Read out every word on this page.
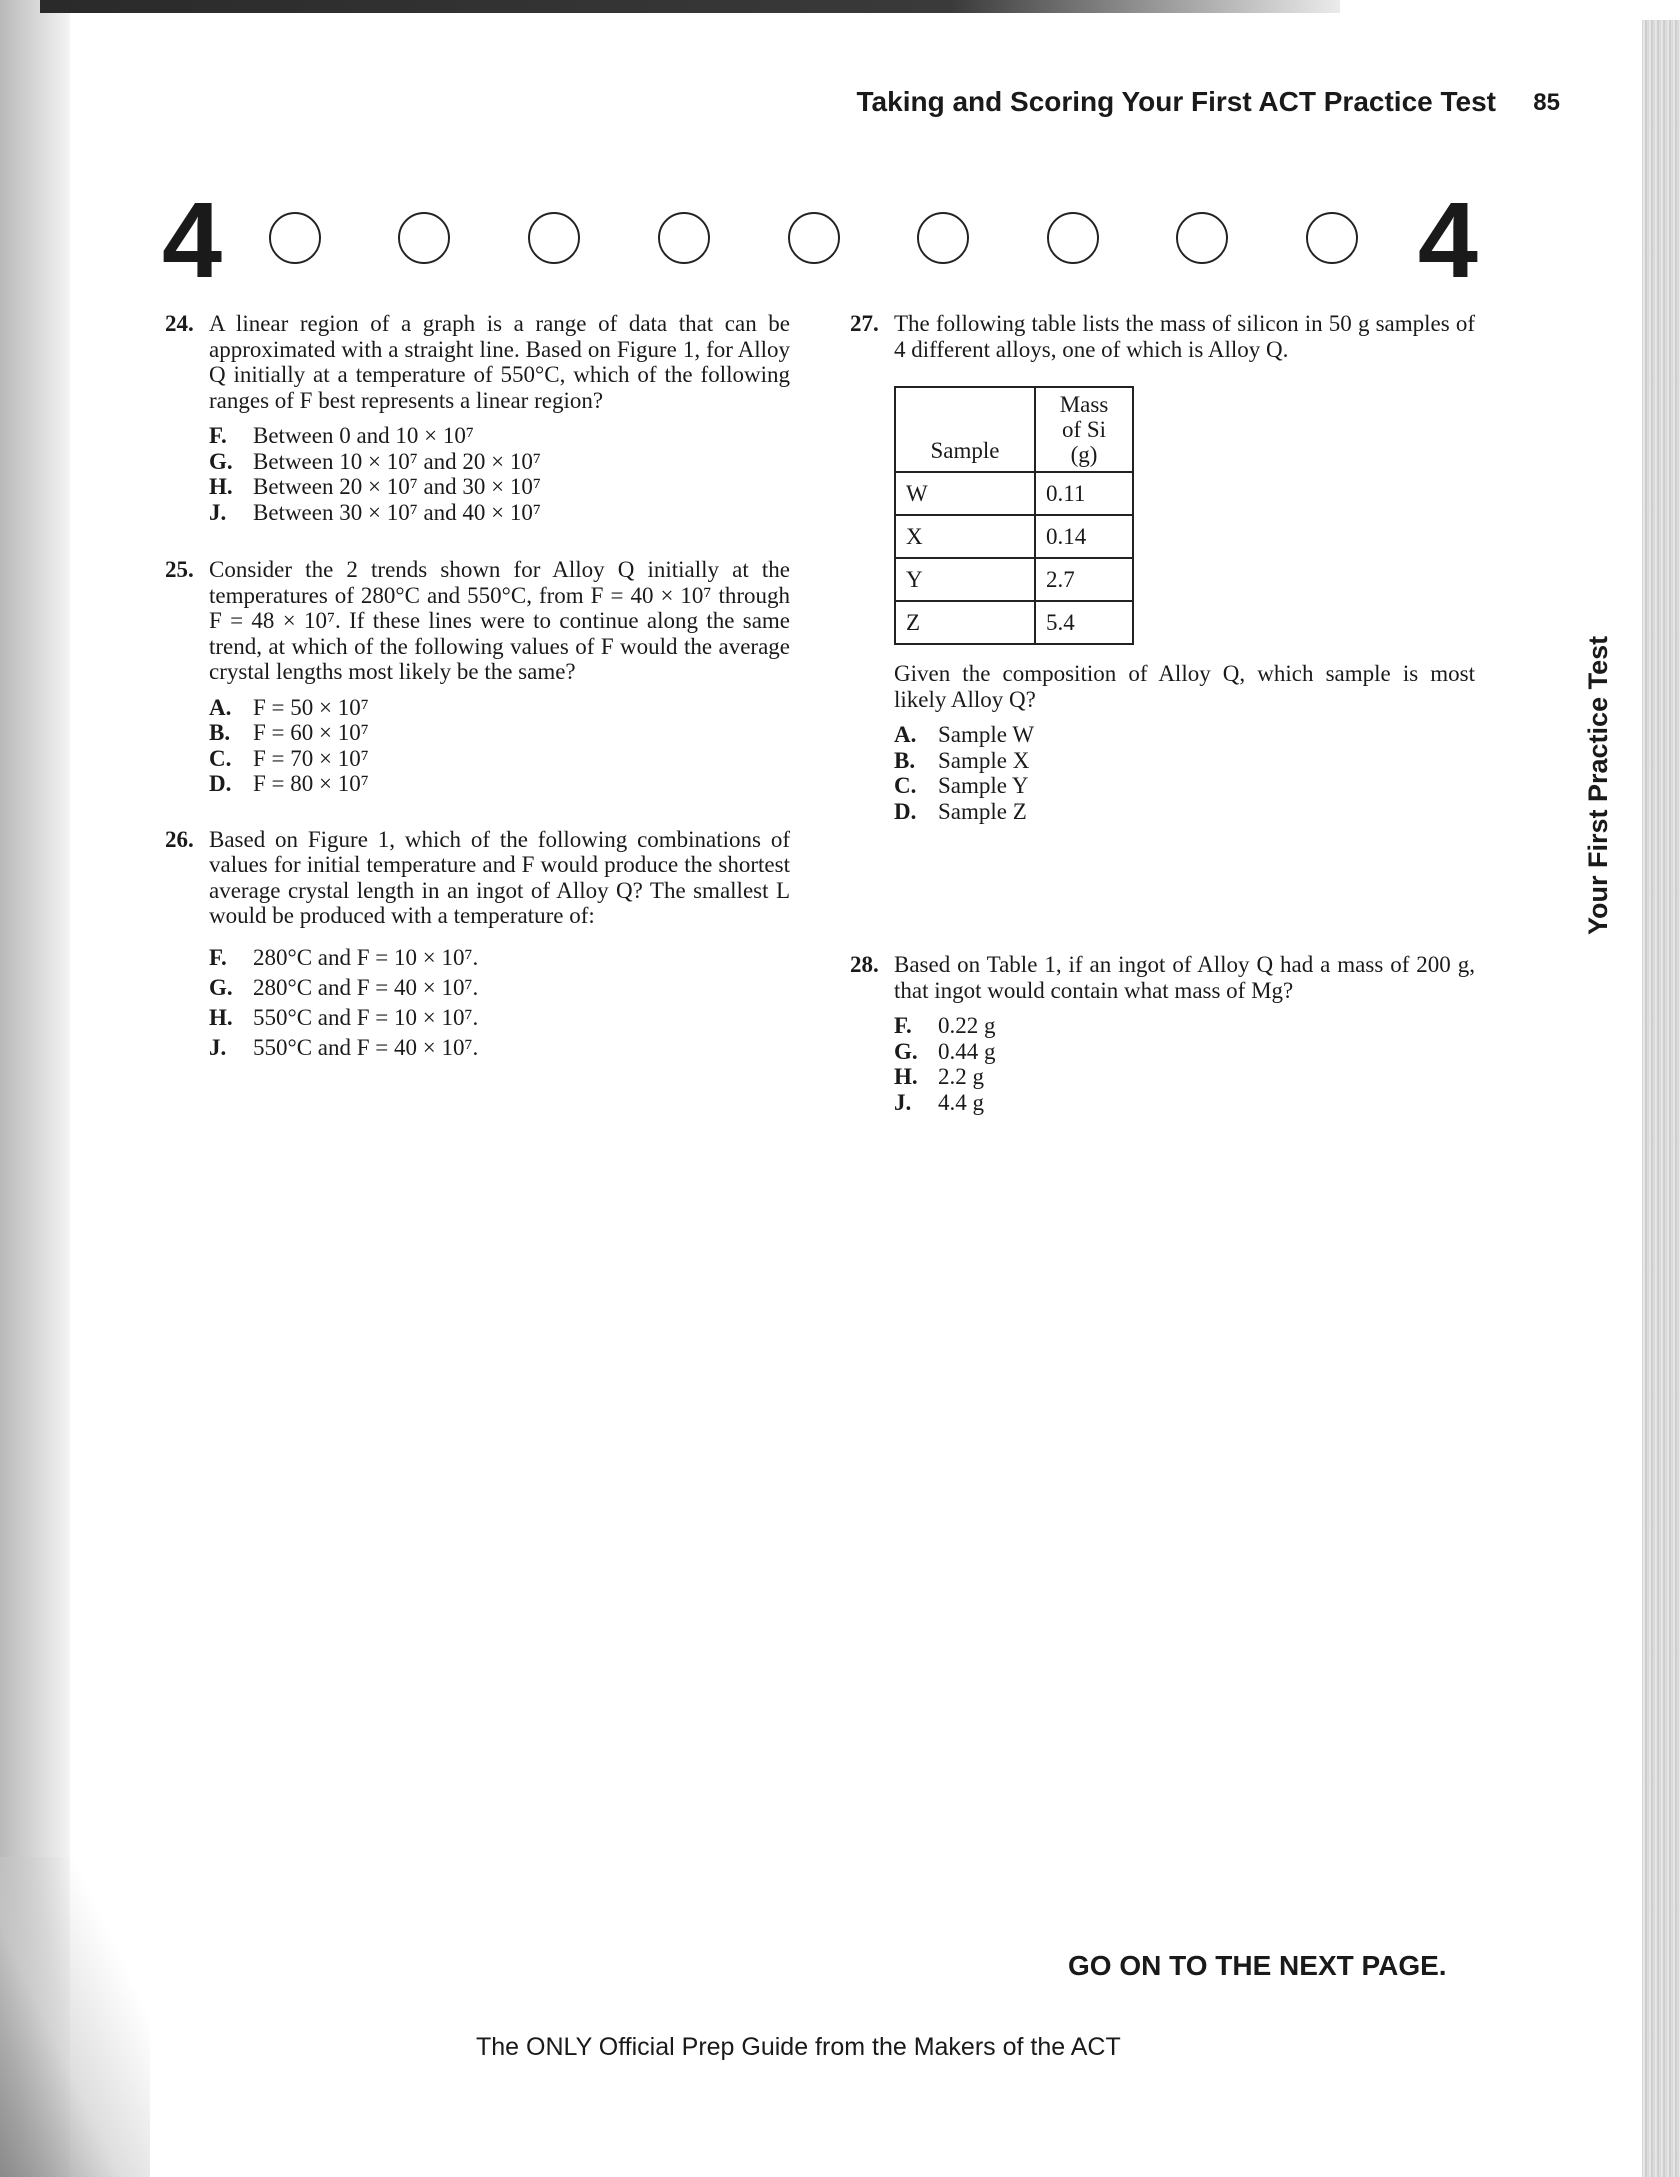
Taking and Scoring Your First ACT Practice Test 85
4	4
24. A linear region of a graph is a range of data that can be approximated with a straight line. Based on Figure 1, for Alloy Q initially at a temperature of 550°C, which of the following ranges of F best represents a linear region?
F. Between 0 and 10 × 10⁷
G. Between 10 × 10⁷ and 20 × 10⁷
H. Between 20 × 10⁷ and 30 × 10⁷
J. Between 30 × 10⁷ and 40 × 10⁷
25. Consider the 2 trends shown for Alloy Q initially at the temperatures of 280°C and 550°C, from F = 40 × 10⁷ through F = 48 × 10⁷. If these lines were to continue along the same trend, at which of the following values of F would the average crystal lengths most likely be the same?
A. F = 50 × 10⁷
B. F = 60 × 10⁷
C. F = 70 × 10⁷
D. F = 80 × 10⁷
26. Based on Figure 1, which of the following combinations of values for initial temperature and F would produce the shortest average crystal length in an ingot of Alloy Q? The smallest L would be produced with a temperature of:
F. 280°C and F = 10 × 10⁷.
G. 280°C and F = 40 × 10⁷.
H. 550°C and F = 10 × 10⁷.
J. 550°C and F = 40 × 10⁷.
27. The following table lists the mass of silicon in 50 g samples of 4 different alloys, one of which is Alloy Q.
Sample	Mass
of Si
(g)

W	0.11
X	0.14
Y	2.7
Z	5.4
Given the composition of Alloy Q, which sample is most likely Alloy Q?
A. Sample W
B. Sample X
C. Sample Y
D. Sample Z
28. Based on Table 1, if an ingot of Alloy Q had a mass of 200 g, that ingot would contain what mass of Mg?
F. 0.22 g
G. 0.44 g
H. 2.2 g
J. 4.4 g
Your First Practice Test
GO ON TO THE NEXT PAGE.
The ONLY Official Prep Guide from the Makers of the ACT
